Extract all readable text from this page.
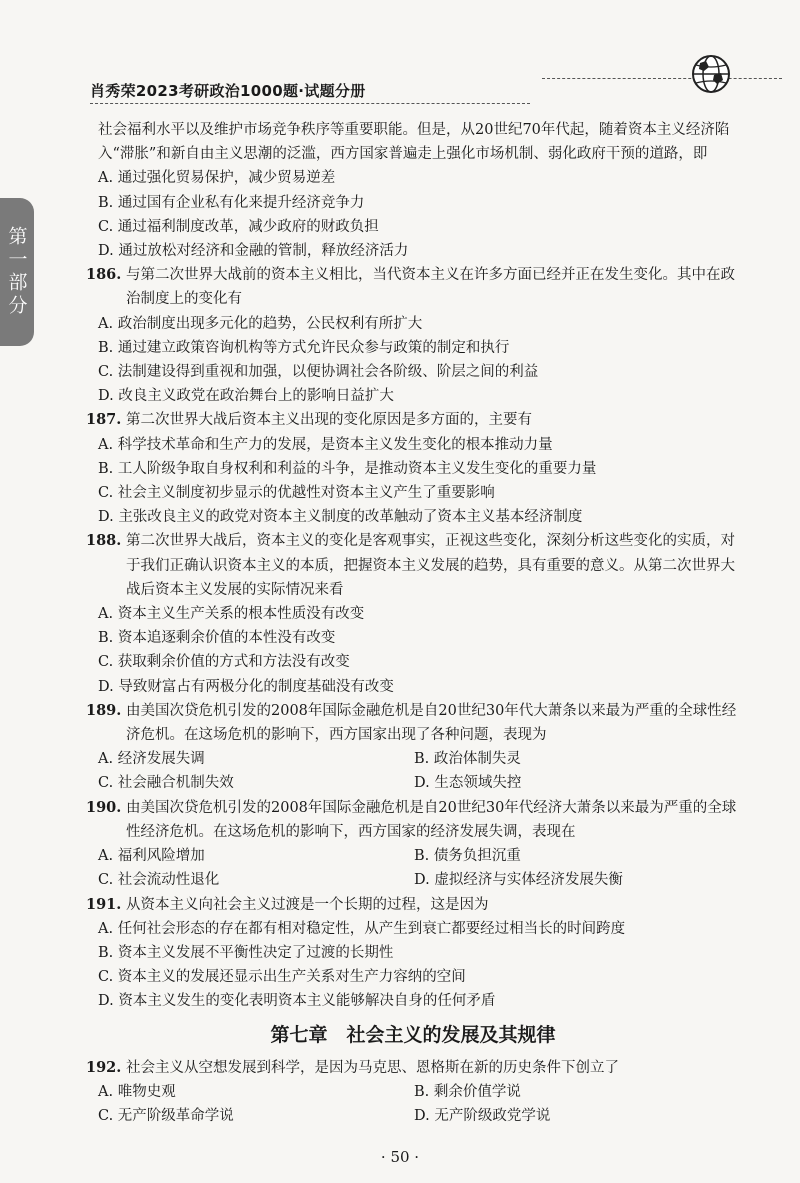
肖秀荣2023考研政治1000题·试题分册
第一部分

社会福利水平以及维护市场竞争秩序等重要职能。但是，从20世纪70年代起，随着资本主义经济陷入“滞胀”和新自由主义思潮的泛滥，西方国家普遍走上强化市场机制、弱化政府干预的道路，即

A. 通过强化贸易保护，减少贸易逆差

B. 通过国有企业私有化来提升经济竞争力

C. 通过福利制度改革，减少政府的财政负担

D. 通过放松对经济和金融的管制，释放经济活力

186. 与第二次世界大战前的资本主义相比，当代资本主义在许多方面已经并正在发生变化。其中在政治制度上的变化有

A. 政治制度出现多元化的趋势，公民权利有所扩大

B. 通过建立政策咨询机构等方式允许民众参与政策的制定和执行

C. 法制建设得到重视和加强，以便协调社会各阶级、阶层之间的利益

D. 改良主义政党在政治舞台上的影响日益扩大

187. 第二次世界大战后资本主义出现的变化原因是多方面的，主要有

A. 科学技术革命和生产力的发展，是资本主义发生变化的根本推动力量

B. 工人阶级争取自身权利和利益的斗争，是推动资本主义发生变化的重要力量

C. 社会主义制度初步显示的优越性对资本主义产生了重要影响

D. 主张改良主义的政党对资本主义制度的改革触动了资本主义基本经济制度

188. 第二次世界大战后，资本主义的变化是客观事实，正视这些变化，深刻分析这些变化的实质，对于我们正确认识资本主义的本质，把握资本主义发展的趋势，具有重要的意义。从第二次世界大战后资本主义发展的实际情况来看

A. 资本主义生产关系的根本性质没有改变

B. 资本追逐剩余价值的本性没有改变

C. 获取剩余价值的方式和方法没有改变

D. 导致财富占有两极分化的制度基础没有改变

189. 由美国次贷危机引发的2008年国际金融危机是自20世纪30年代大萧条以来最为严重的全球性经济危机。在这场危机的影响下，西方国家出现了各种问题，表现为

A. 经济发展失调	B. 政治体制失灵
C. 社会融合机制失效	D. 生态领域失控

190. 由美国次贷危机引发的2008年国际金融危机是自20世纪30年代经济大萧条以来最为严重的全球性经济危机。在这场危机的影响下，西方国家的经济发展失调，表现在

A. 福利风险增加	B. 债务负担沉重
C. 社会流动性退化	D. 虚拟经济与实体经济发展失衡

191. 从资本主义向社会主义过渡是一个长期的过程，这是因为

A. 任何社会形态的存在都有相对稳定性，从产生到衰亡都要经过相当长的时间跨度

B. 资本主义发展不平衡性决定了过渡的长期性

C. 资本主义的发展还显示出生产关系对生产力容纳的空间

D. 资本主义发生的变化表明资本主义能够解决自身的任何矛盾

第七章　社会主义的发展及其规律

192. 社会主义从空想发展到科学，是因为马克思、恩格斯在新的历史条件下创立了

A. 唯物史观	B. 剩余价值学说
C. 无产阶级革命学说	D. 无产阶级政党学说
· 50 ·
